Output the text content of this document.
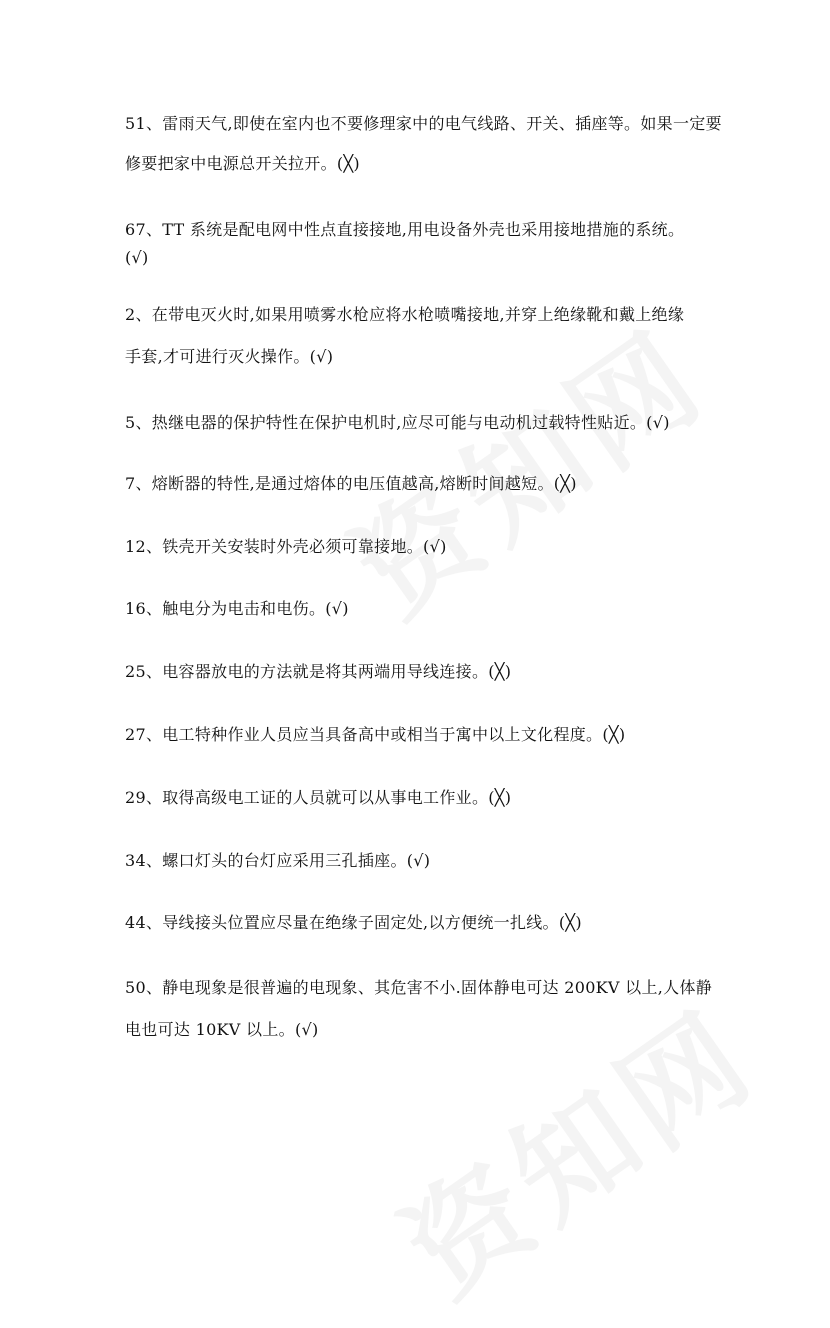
51、雷雨天气,即使在室内也不要修理家中的电气线路、开关、插座等。如果一定要
修要把家中电源总开关拉开。(╳)
67、TT 系统是配电网中性点直接接地,用电设备外壳也采用接地措施的系统。
(√)
2、在带电灭火时,如果用喷雾水枪应将水枪喷嘴接地,并穿上绝缘靴和戴上绝缘
手套,才可进行灭火操作。(√)
5、热继电器的保护特性在保护电机时,应尽可能与电动机过载特性贴近。(√)
7、熔断器的特性,是通过熔体的电压值越高,熔断时间越短。(╳)
12、铁壳开关安装时外壳必须可靠接地。(√)
16、触电分为电击和电伤。(√)
25、电容器放电的方法就是将其两端用导线连接。(╳)
27、电工特种作业人员应当具备高中或相当于寓中以上文化程度。(╳)
29、取得高级电工证的人员就可以从事电工作业。(╳)
34、螺口灯头的台灯应采用三孔插座。(√)
44、导线接头位置应尽量在绝缘子固定处,以方便统一扎线。(╳)
50、静电现象是很普遍的电现象、其危害不小.固体静电可达 200KV 以上,人体静
电也可达 10KV 以上。(√)
